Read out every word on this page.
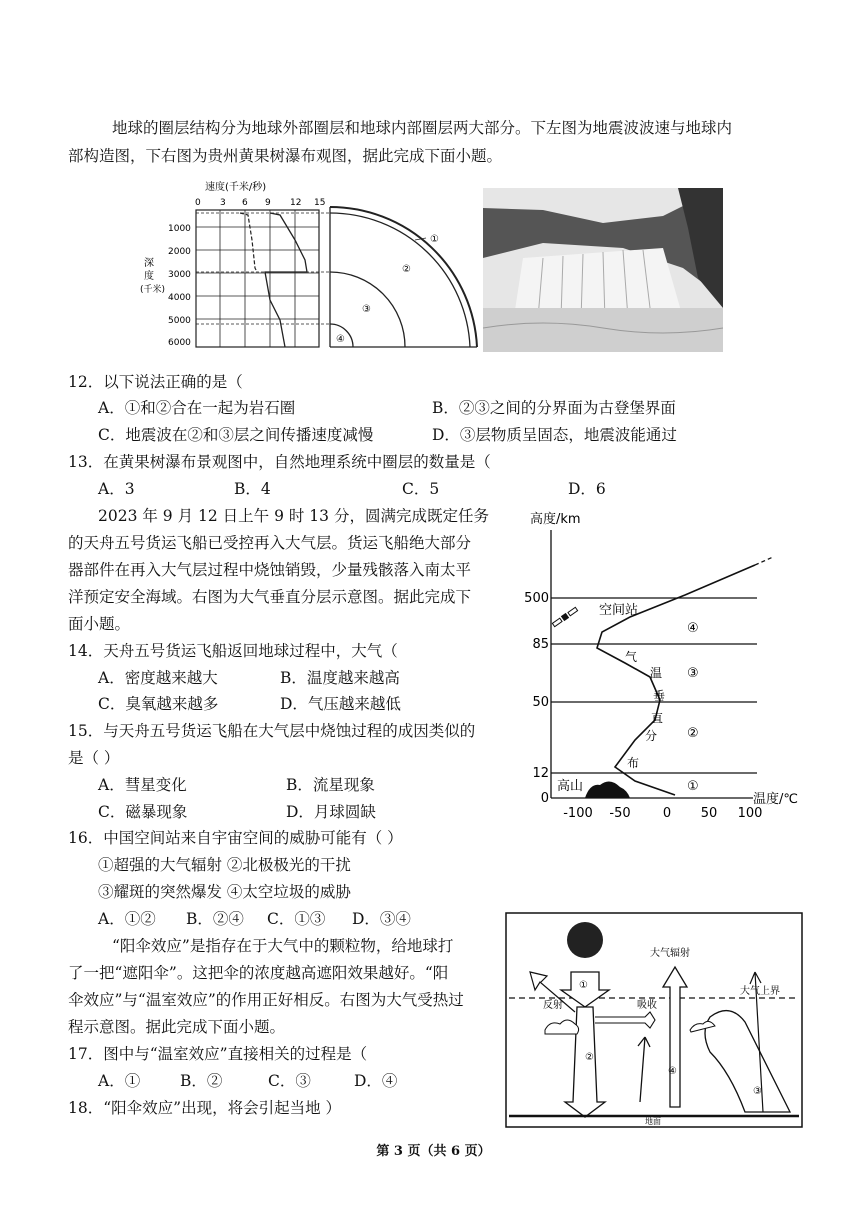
地球的圈层结构分为地球外部圈层和地球内部圈层两大部分。下左图为地震波波速与地球内
部构造图，下右图为贵州黄果树瀑布观图，据此完成下面小题。
速度(千米/秒)
0 3 6 9 12 15
1000
2000
3000
4000
5000
6000
深
度
(千米)
①
②
③
④
12．以下说法正确的是（
A．①和②合在一起为岩石圈	B．②③之间的分界面为古登堡界面
C．地震波在②和③层之间传播速度减慢	D．③层物质呈固态，地震波能通过
13．在黄果树瀑布景观图中，自然地理系统中圈层的数量是（
A．3	B．4	C．5	D．6
2023 年 9 月 12 日上午 9 时 13 分，圆满完成既定任务
的天舟五号货运飞船已受控再入大气层。货运飞船绝大部分
器部件在再入大气层过程中烧蚀销毁，少量残骸落入南太平
洋预定安全海域。右图为大气垂直分层示意图。据此完成下
面小题。
14．天舟五号货运飞船返回地球过程中，大气（
A．密度越来越大	B．温度越来越高
C．臭氧越来越多	D．气压越来越低
15．与天舟五号货运飞船在大气层中烧蚀过程的成因类似的
是（ ）
A．彗星变化	B．流星现象
C．磁暴现象	D．月球圆缺
高度/km
温度/℃
0
12
50
85
500
-100 -50 0 50 100
空间站
气
温
垂
直
分
布
④
③
②
①
高山
16．中国空间站来自宇宙空间的威胁可能有（ ）
①超强的大气辐射 ②北极极光的干扰
③耀斑的突然爆发 ④太空垃圾的威胁
A．①② B．②④ C．①③ D．③④
“阳伞效应”是指存在于大气中的颗粒物，给地球打
了一把“遮阳伞”。这把伞的浓度越高遮阳效果越好。“阳
伞效应”与“温室效应”的作用正好相反。右图为大气受热过
程示意图。据此完成下面小题。
17．图中与“温室效应”直接相关的过程是（
A．①	B．②	C．③	D．④
18．“阳伞效应”出现，将会引起当地 ）
大气辐射
大气上界
①
②
反射	吸收
④
③
地面
第 3 页（共 6 页）
